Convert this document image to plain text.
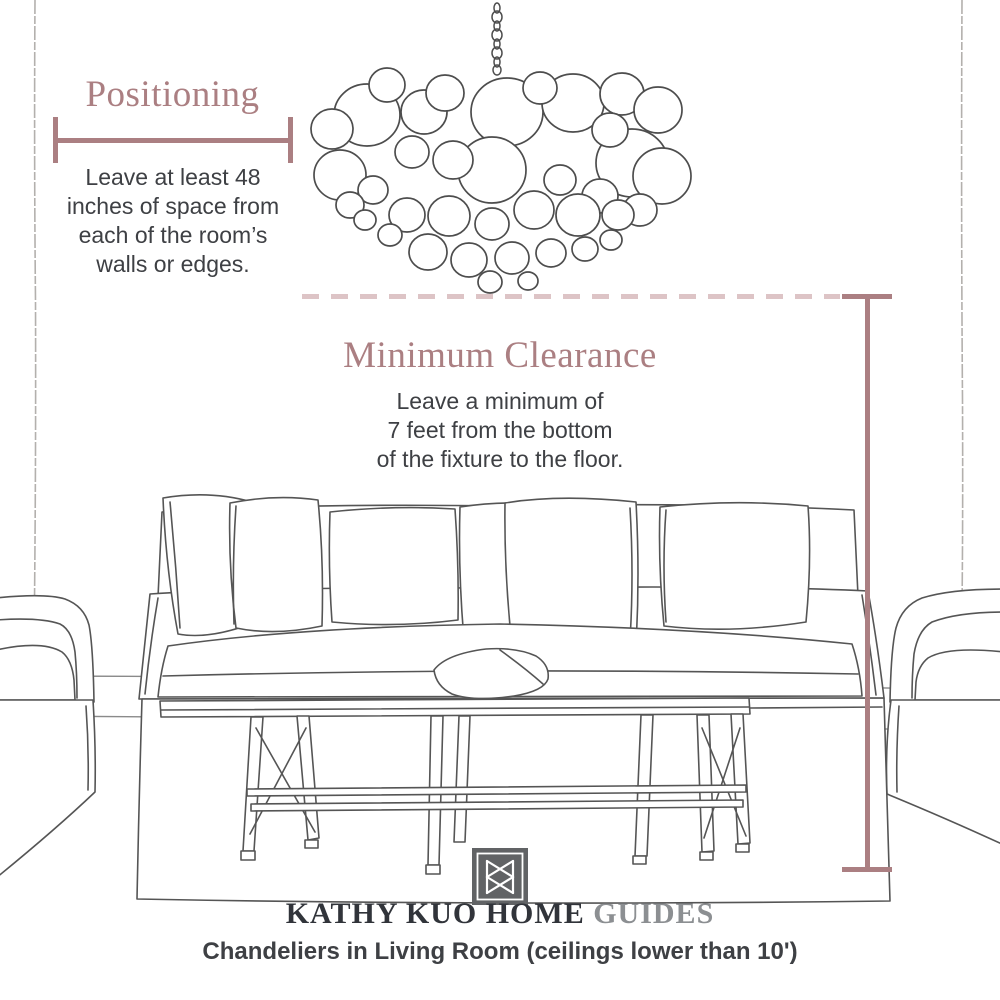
Positioning
Leave at least 48
inches of space from
each of the room’s
walls or edges.
Minimum Clearance
Leave a minimum of
7 feet from the bottom
of the fixture to the floor.
KATHY KUO HOME GUIDES
Chandeliers in Living Room (ceilings lower than 10')
